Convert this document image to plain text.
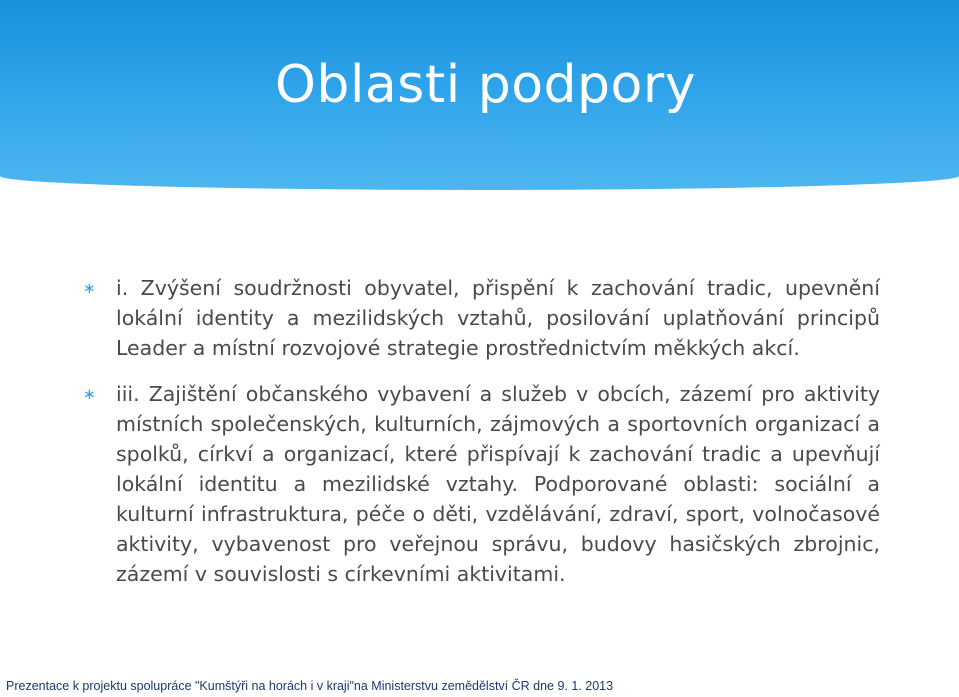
Oblasti podpory
∗ i. Zvýšení soudržnosti obyvatel, přispění k zachování tradic, upevnění lokální identity a mezilidských vztahů, posilování uplatňování principů Leader a místní rozvojové strategie prostřednictvím měkkých akcí.
∗ iii. Zajištění občanského vybavení a služeb v obcích, zázemí pro aktivity místních společenských, kulturních, zájmových a sportovních organizací a spolků, církví a organizací, které přispívají k zachování tradic a upevňují lokální identitu a mezilidské vztahy. Podporované oblasti: sociální a kulturní infrastruktura, péče o děti, vzdělávání, zdraví, sport, volnočasové aktivity, vybavenost pro veřejnou správu, budovy hasičských zbrojnic, zázemí v souvislosti s církevními aktivitami.
Prezentace k projektu spolupráce "Kumštýři na horách i v kraji"na Ministerstvu zemědělství ČR dne 9. 1. 2013
